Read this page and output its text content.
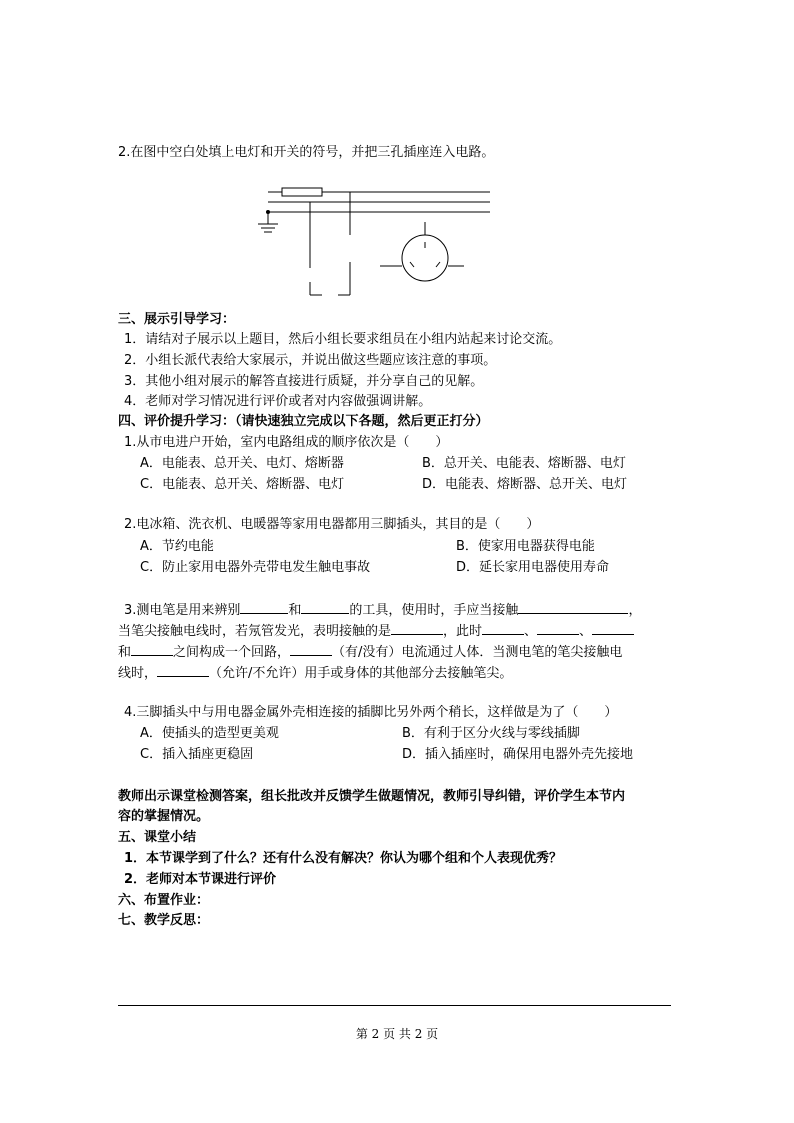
2.在图中空白处填上电灯和开关的符号，并把三孔插座连入电路。
三、展示引导学习：
1．请结对子展示以上题目，然后小组长要求组员在小组内站起来讨论交流。
2．小组长派代表给大家展示，并说出做这些题应该注意的事项。
3．其他小组对展示的解答直接进行质疑，并分享自己的见解。
4．老师对学习情况进行评价或者对内容做强调讲解。
四、评价提升学习：（请快速独立完成以下各题，然后更正打分）
1.从市电进户开始，室内电路组成的顺序依次是（　　）
A．电能表、总开关、电灯、熔断器	B．总开关、电能表、熔断器、电灯
C．电能表、总开关、熔断器、电灯	D．电能表、熔断器、总开关、电灯
2.电冰箱、洗衣机、电暖器等家用电器都用三脚插头，其目的是（　　）
A．节约电能	B．使家用电器获得电能
C．防止家用电器外壳带电发生触电事故	D．延长家用电器使用寿命
3.测电笔是用来辨别	和	的工具，使用时，手应当接触	，
当笔尖接触电线时，若氖管发光，表明接触的是	，此时	、	、
和	之间构成一个回路，	（有/没有）电流通过人体．当测电笔的笔尖接触电
线时，	（允许/不允许）用手或身体的其他部分去接触笔尖。
4.三脚插头中与用电器金属外壳相连接的插脚比另外两个稍长，这样做是为了（　　）
A．使插头的造型更美观	B．有利于区分火线与零线插脚
C．插入插座更稳固	D．插入插座时，确保用电器外壳先接地
教师出示课堂检测答案，组长批改并反馈学生做题情况，教师引导纠错，评价学生本节内
容的掌握情况。
五、课堂小结
1．本节课学到了什么？还有什么没有解决？你认为哪个组和个人表现优秀？
2．老师对本节课进行评价
六、布置作业：
七、教学反思：
第 2 页 共 2 页
